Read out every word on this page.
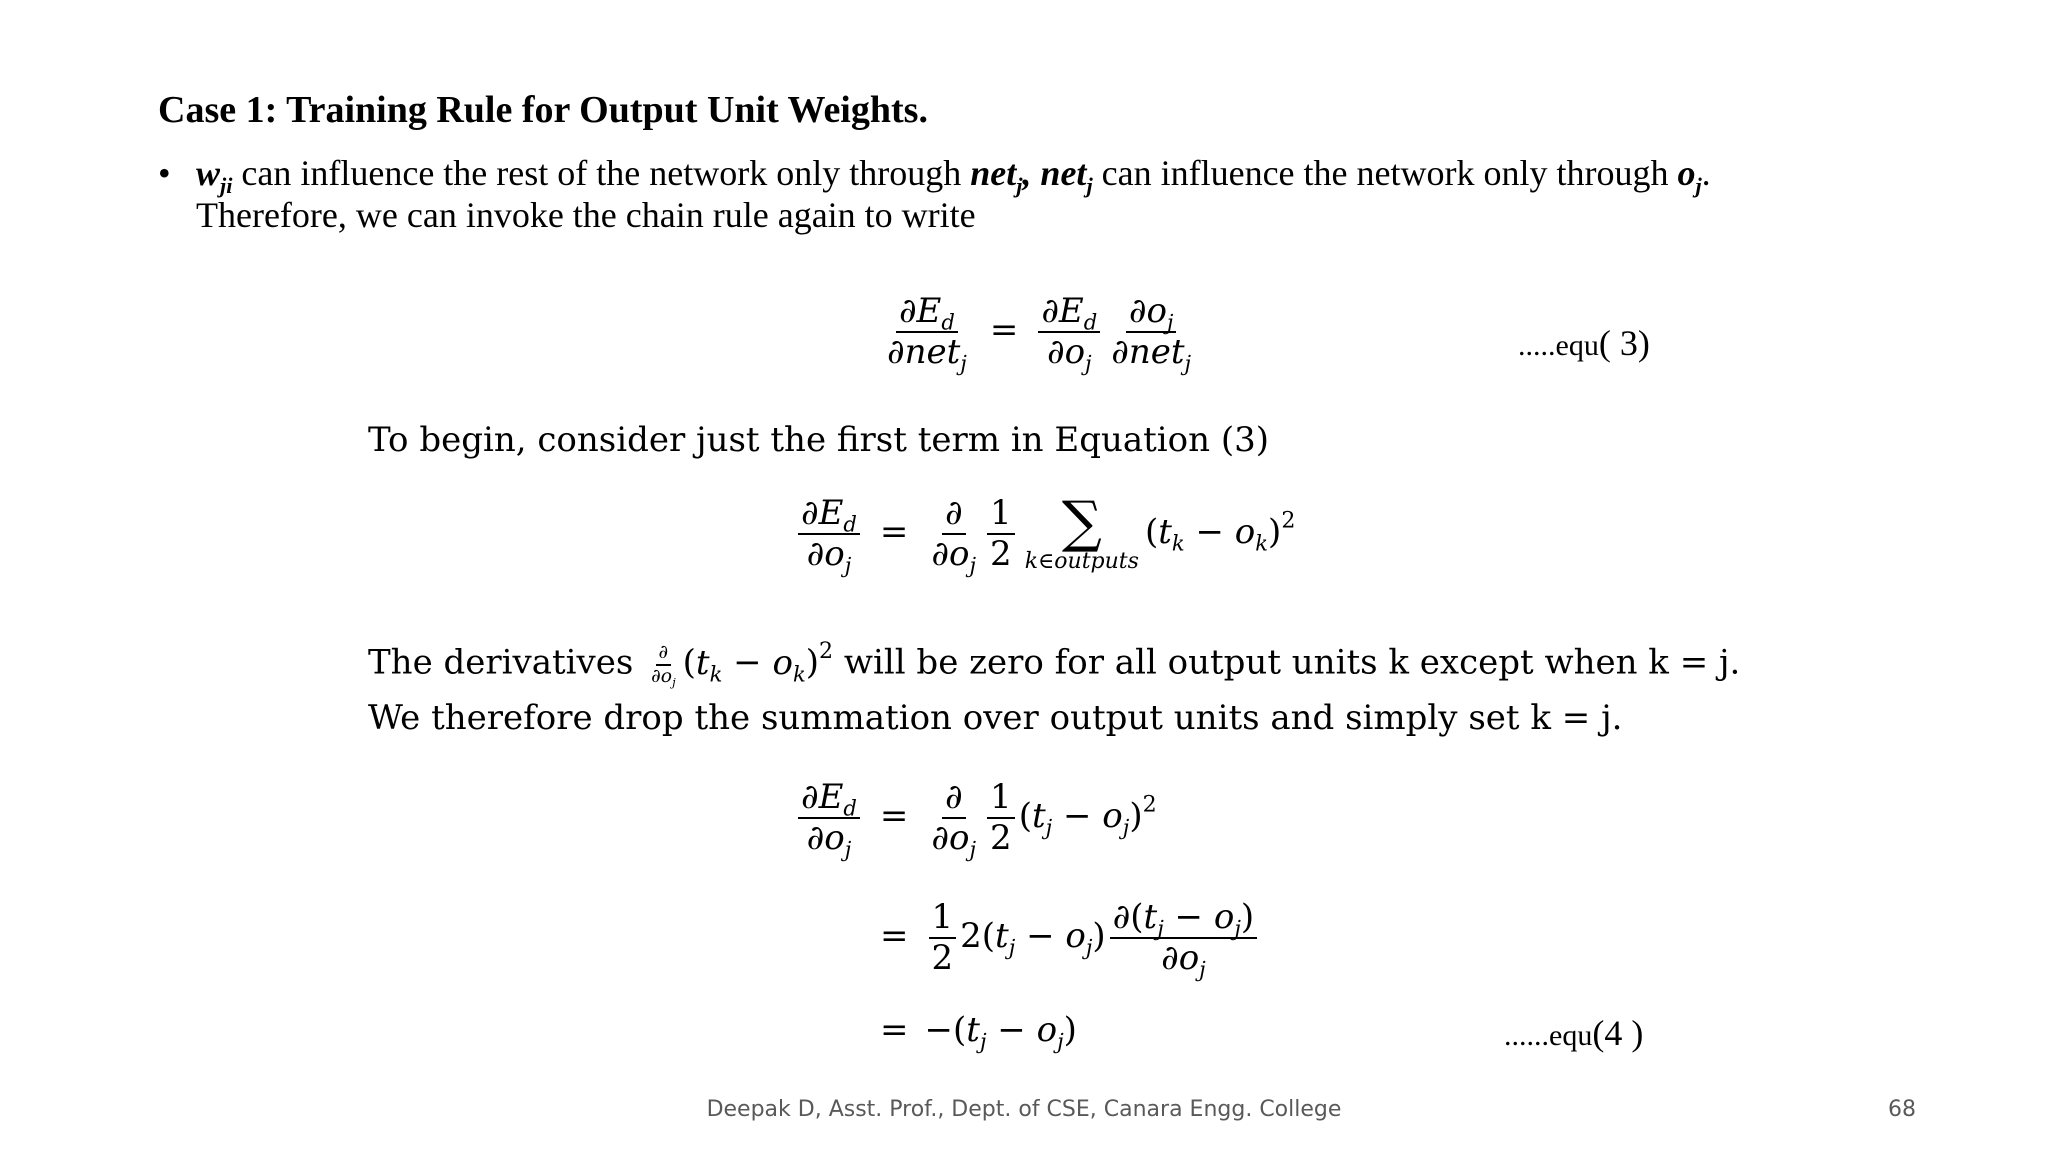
Case 1: Training Rule for Output Unit Weights.
• $w_{ji}$ can influence the rest of the network only through net$_j$, net$_j$ can influence the network only through $o_j$.
Therefore, we can invoke the chain rule again to write
$\frac{\partial E_d}{\partial net_j} = \frac{\partial E_d}{\partial o_j} \frac{\partial o_j}{\partial net_j}$	.....equ( 3)
To begin, consider just the first term in Equation (3)
$\frac{\partial E_d}{\partial o_j} = \frac{\partial}{\partial o_j} \frac{1}{2}$ ∑
k∈outputs
$(t_k - o_k)^2$
The derivatives $\frac{\partial}{\partial o_j} (t_k - o_k)^2$ will be zero for all output units k except when k = j.
We therefore drop the summation over output units and simply set k = j.
$\frac{\partial E_d}{\partial o_j} = \frac{\partial}{\partial o_j} \frac{1}{2} (t_j - o_j)^2$
= $\frac{1}{2} 2(t_j - o_j) \frac{\partial(t_j - o_j)}{\partial o_j}$
= $-(t_j - o_j)$	......equ(4 )
Deepak D, Asst. Prof., Dept. of CSE, Canara Engg. College	68
